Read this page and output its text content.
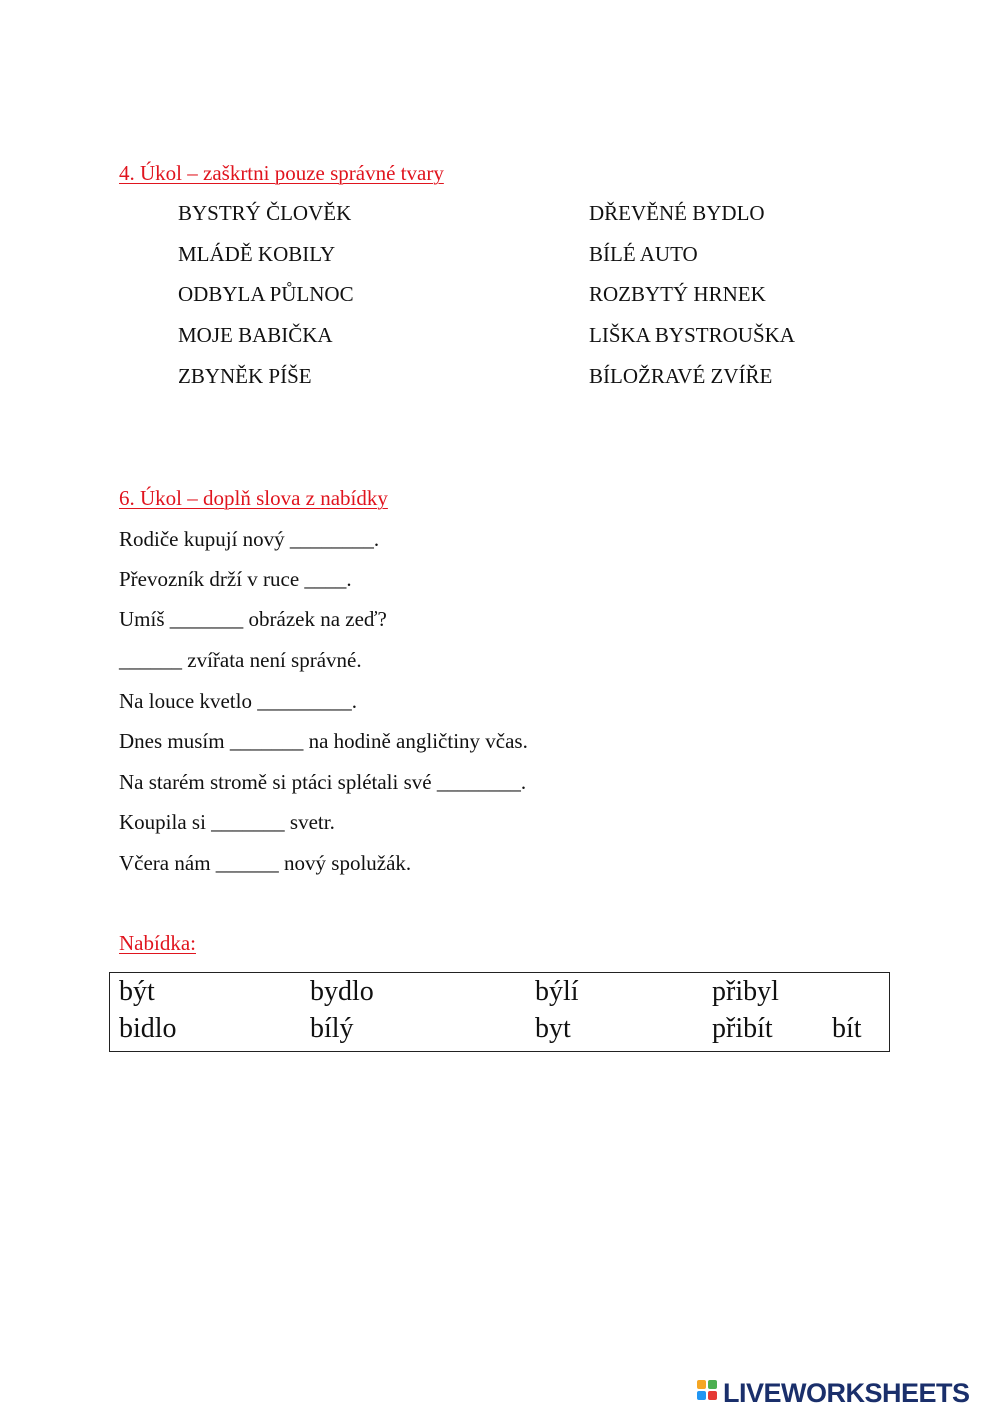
4. Úkol – zaškrtni pouze správné tvary
BYSTRÝ ČLOVĚK
MLÁDĚ KOBILY
ODBYLA PŮLNOC
MOJE BABIČKA
ZBYNĚK PÍŠE
DŘEVĚNÉ BYDLO
BÍLÉ AUTO
ROZBYTÝ HRNEK
LIŠKA BYSTROUŠKA
BÍLOŽRAVÉ ZVÍŘE
6. Úkol – doplň slova z nabídky
Rodiče kupují nový ________.
Převozník drží v ruce ____.
Umíš _______ obrázek na zeď?
______ zvířata není správné.
Na louce kvetlo _________.
Dnes musím _______ na hodině angličtiny včas.
Na starém stromě si ptáci splétali své ________.
Koupila si _______ svetr.
Včera nám ______ nový spolužák.
Nabídka:
být	bydlo	býlí	přibyl
bidlo	bílý	byt	přibít bít
LIVEWORKSHEETS
